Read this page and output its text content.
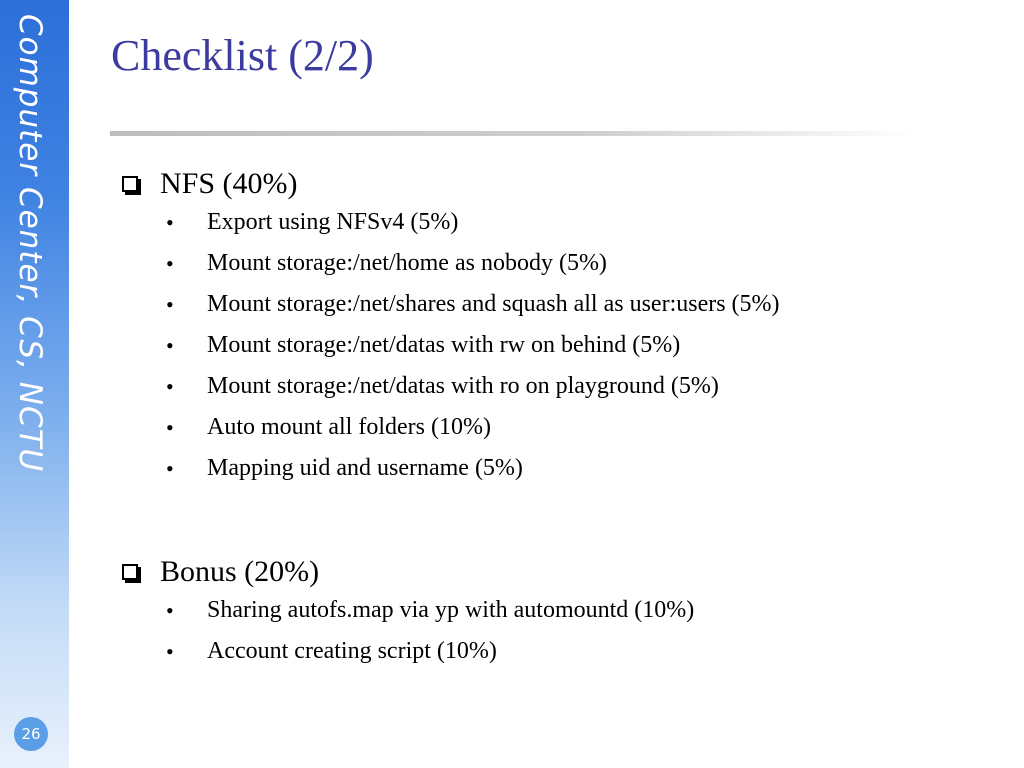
Computer Center, CS, NCTU
26
Checklist (2/2)
NFS (40%)
•	Export using NFSv4 (5%)
•	Mount storage:/net/home as nobody (5%)
•	Mount storage:/net/shares and squash all as user:users (5%)
•	Mount storage:/net/datas with rw on behind (5%)
•	Mount storage:/net/datas with ro on playground (5%)
•	Auto mount all folders (10%)
•	Mapping uid and username (5%)
Bonus (20%)
•	Sharing autofs.map via yp with automountd (10%)
•	Account creating script (10%)
